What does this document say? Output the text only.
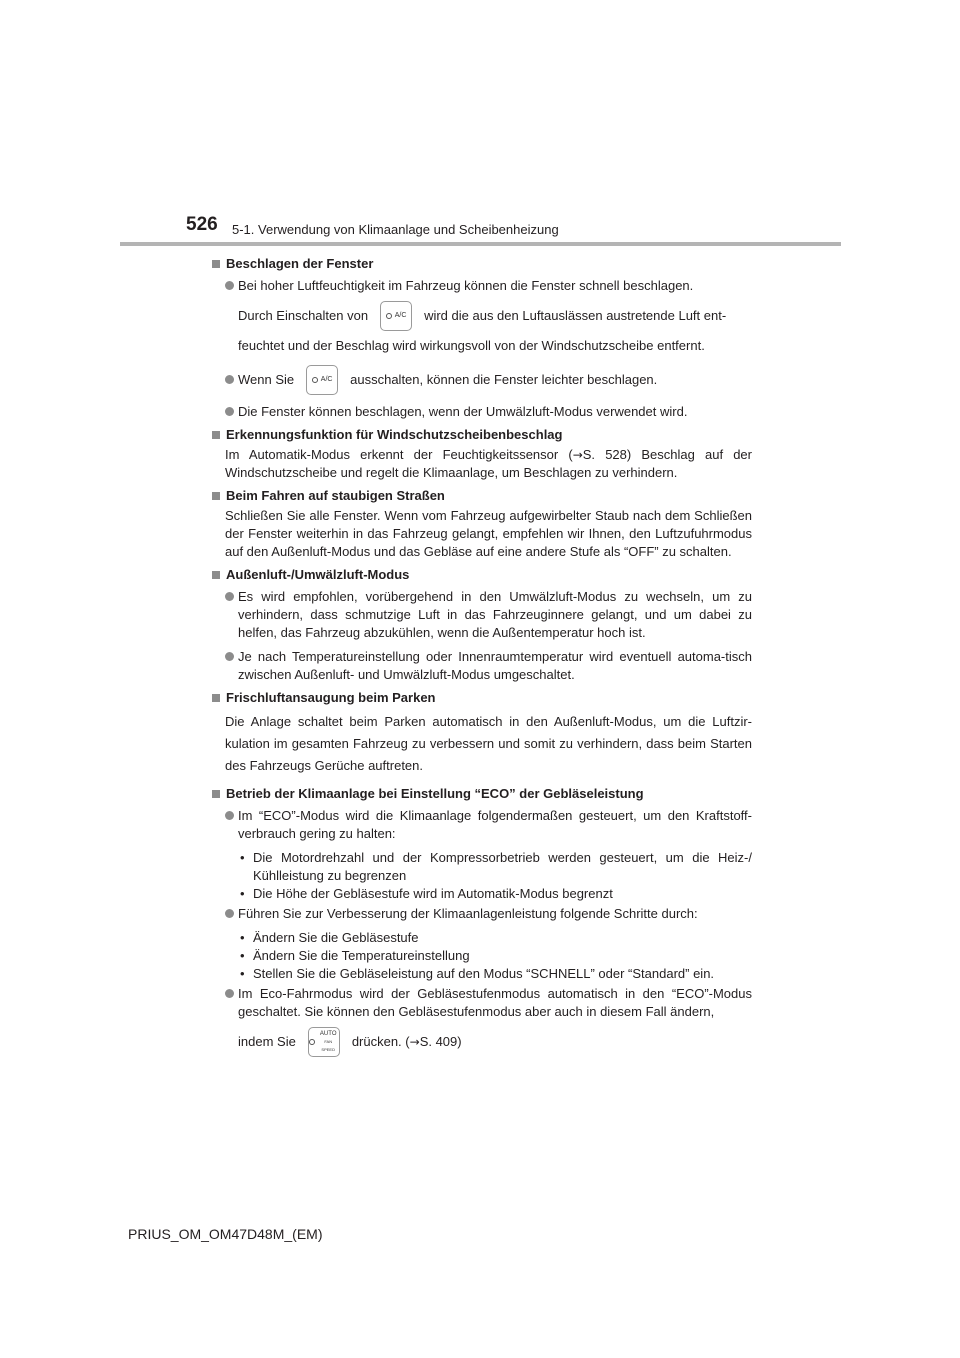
526 5-1. Verwendung von Klimaanlage und Scheibenheizung
Beschlagen der Fenster
Bei hoher Luftfeuchtigkeit im Fahrzeug können die Fenster schnell beschlagen.
Durch Einschalten von	A/C wird die aus den Luftauslässen austretende Luft ent-
feuchtet und der Beschlag wird wirkungsvoll von der Windschutzscheibe entfernt.
Wenn Sie	A/C ausschalten, können die Fenster leichter beschlagen.
Die Fenster können beschlagen, wenn der Umwälzluft-Modus verwendet wird.
Erkennungsfunktion für Windschutzscheibenbeschlag
Im Automatik-Modus erkennt der Feuchtigkeitssensor (→S. 528) Beschlag auf der Windschutzscheibe und regelt die Klimaanlage, um Beschlagen zu verhindern.
Beim Fahren auf staubigen Straßen
Schließen Sie alle Fenster. Wenn vom Fahrzeug aufgewirbelter Staub nach dem Schließen der Fenster weiterhin in das Fahrzeug gelangt, empfehlen wir Ihnen, den Luftzufuhrmodus auf den Außenluft-Modus und das Gebläse auf eine andere Stufe als “OFF” zu schalten.
Außenluft-/Umwälzluft-Modus
Es wird empfohlen, vorübergehend in den Umwälzluft-Modus zu wechseln, um zu verhindern, dass schmutzige Luft in das Fahrzeuginnere gelangt, und um dabei zu helfen, das Fahrzeug abzukühlen, wenn die Außentemperatur hoch ist.
Je nach Temperatureinstellung oder Innenraumtemperatur wird eventuell automa-tisch zwischen Außenluft- und Umwälzluft-Modus umgeschaltet.
Frischluftansaugung beim Parken
Die Anlage schaltet beim Parken automatisch in den Außenluft-Modus, um die Luftzir-kulation im gesamten Fahrzeug zu verbessern und somit zu verhindern, dass beim Starten des Fahrzeugs Gerüche auftreten.
Betrieb der Klimaanlage bei Einstellung “ECO” der Gebläseleistung
Im “ECO”-Modus wird die Klimaanlage folgendermaßen gesteuert, um den Kraftstoff-verbrauch gering zu halten:
• Die Motordrehzahl und der Kompressorbetrieb werden gesteuert, um die Heiz-/ Kühlleistung zu begrenzen
• Die Höhe der Gebläsestufe wird im Automatik-Modus begrenzt
Führen Sie zur Verbesserung der Klimaanlagenleistung folgende Schritte durch:
• Ändern Sie die Gebläsestufe
• Ändern Sie die Temperatureinstellung
• Stellen Sie die Gebläseleistung auf den Modus “SCHNELL” oder “Standard” ein.
Im Eco-Fahrmodus wird der Gebläsestufenmodus automatisch in den “ECO”-Modus geschaltet. Sie können den Gebläsestufenmodus aber auch in diesem Fall ändern,
indem Sie
AUTO
FAN SPEED drücken. ( → S. 409)
PRIUS_OM_OM47D48M_(EM)
